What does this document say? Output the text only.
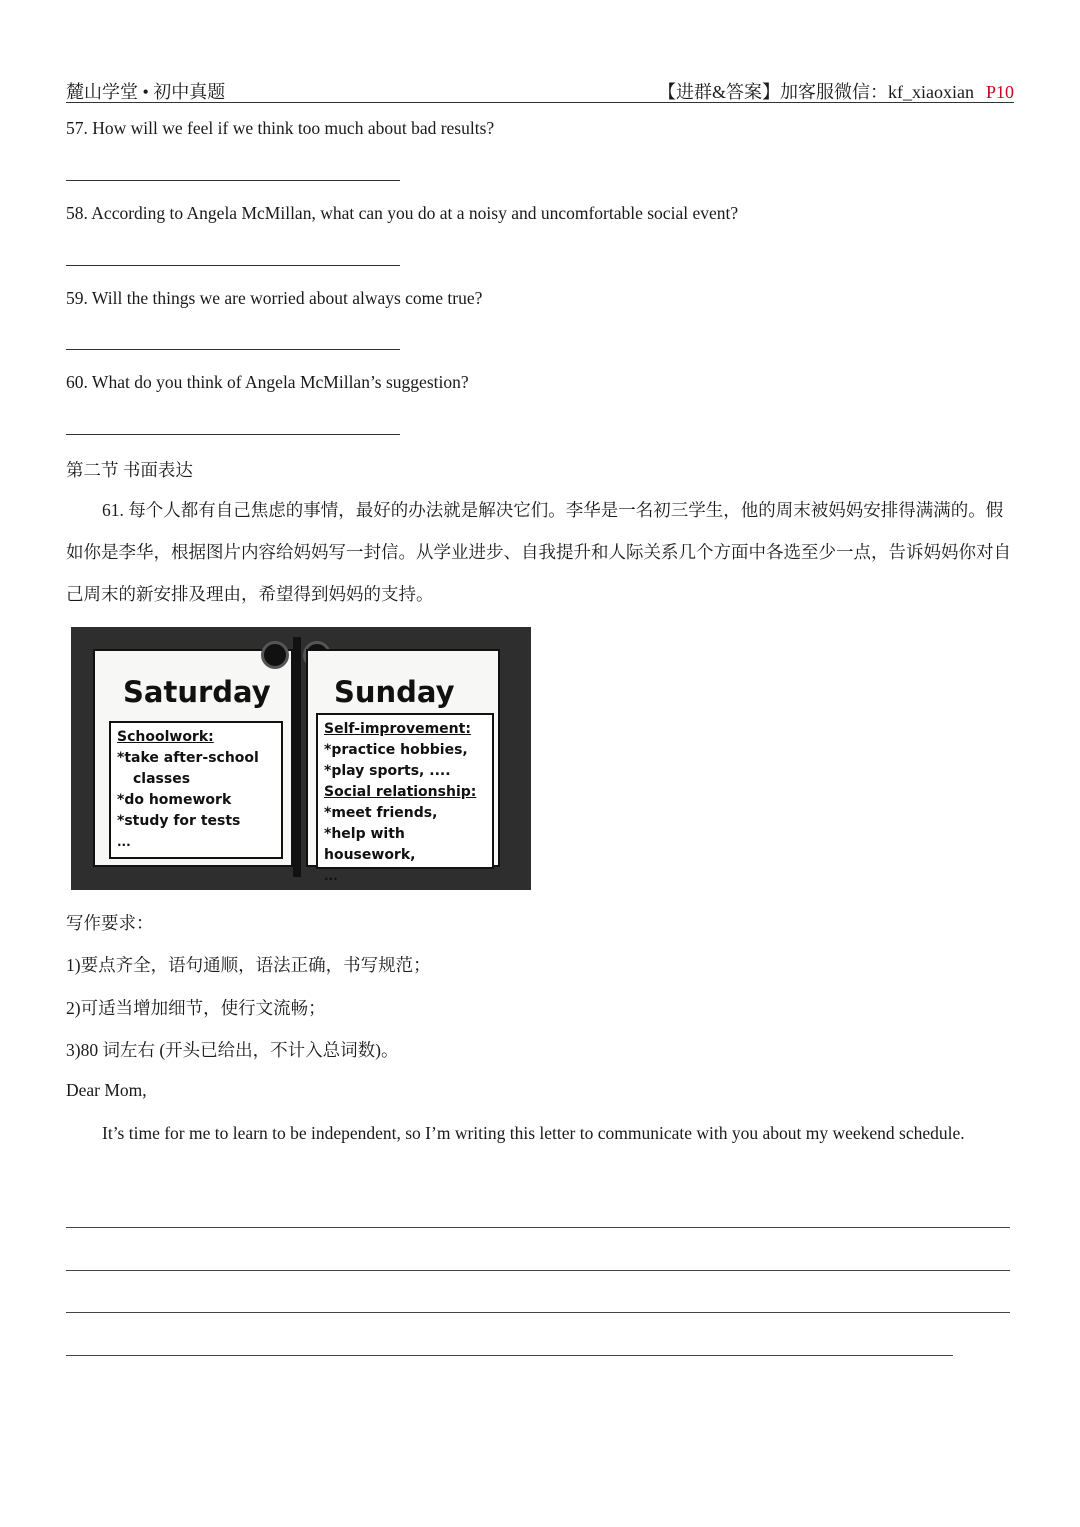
麓山学堂 • 初中真题	【进群&答案】加客服微信：kf_xiaoxian P10
57. How will we feel if we think too much about bad results?
58. According to Angela McMillan, what can you do at a noisy and uncomfortable social event?
59. Will the things we are worried about always come true?
60. What do you think of Angela McMillan’s suggestion?
第二节 书面表达
61. 每个人都有自己焦虑的事情，最好的办法就是解决它们。李华是一名初三学生，他的周末被妈妈安排得满满的。假如你是李华，根据图片内容给妈妈写一封信。从学业进步、自我提升和人际关系几个方面中各选至少一点，告诉妈妈你对自己周末的新安排及理由，希望得到妈妈的支持。
Saturday
Schoolwork:
*take after-school
classes
*do homework
*study for tests
...
Sunday
Self-improvement:
*practice hobbies,
*play sports, ....
Social relationship:
*meet friends,
*help with housework,
...
写作要求：
1)要点齐全，语句通顺，语法正确，书写规范；
2)可适当增加细节，使行文流畅；
3)80 词左右 (开头已给出，不计入总词数)。
Dear Mom,
It’s time for me to learn to be independent, so I’m writing this letter to communicate with you about my weekend schedule.
